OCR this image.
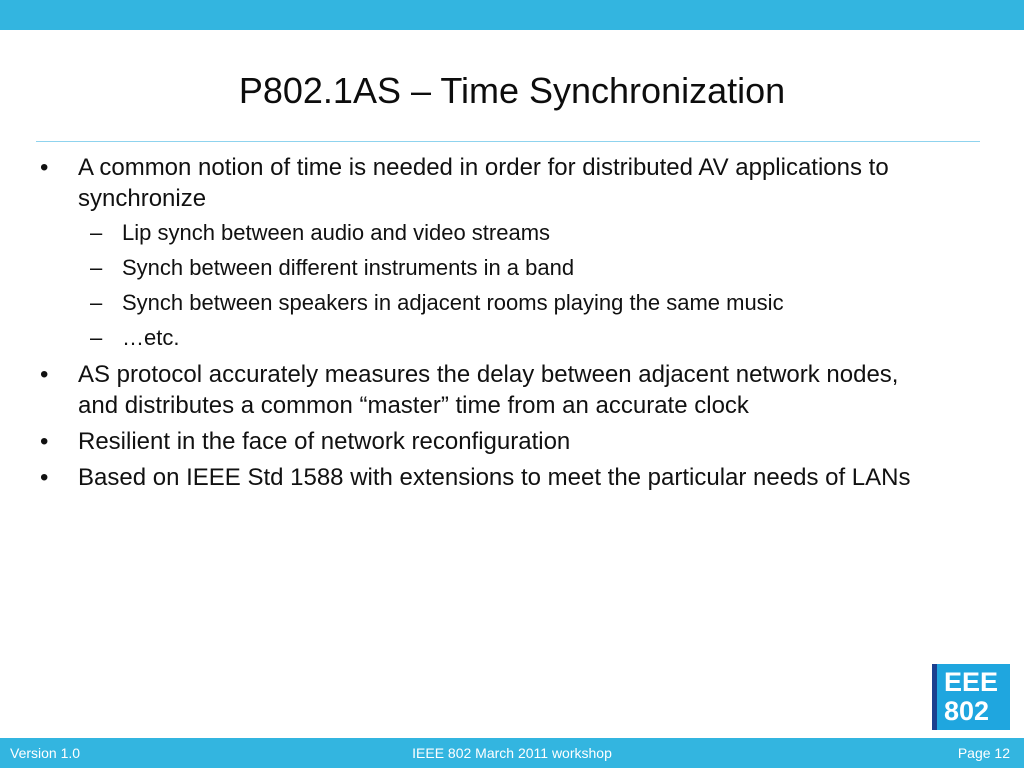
P802.1AS – Time Synchronization
• A common notion of time is needed in order for distributed AV applications to synchronize
– Lip synch between audio and video streams
– Synch between different instruments in a band
– Synch between speakers in adjacent rooms playing the same music
– …etc.
• AS protocol accurately measures the delay between adjacent network nodes, and distributes a common “master” time from an accurate clock
• Resilient in the face of network reconfiguration
• Based on IEEE Std 1588 with extensions to meet the particular needs of LANs
EEE
802
Version 1.0	IEEE 802 March 2011 workshop	Page 12
